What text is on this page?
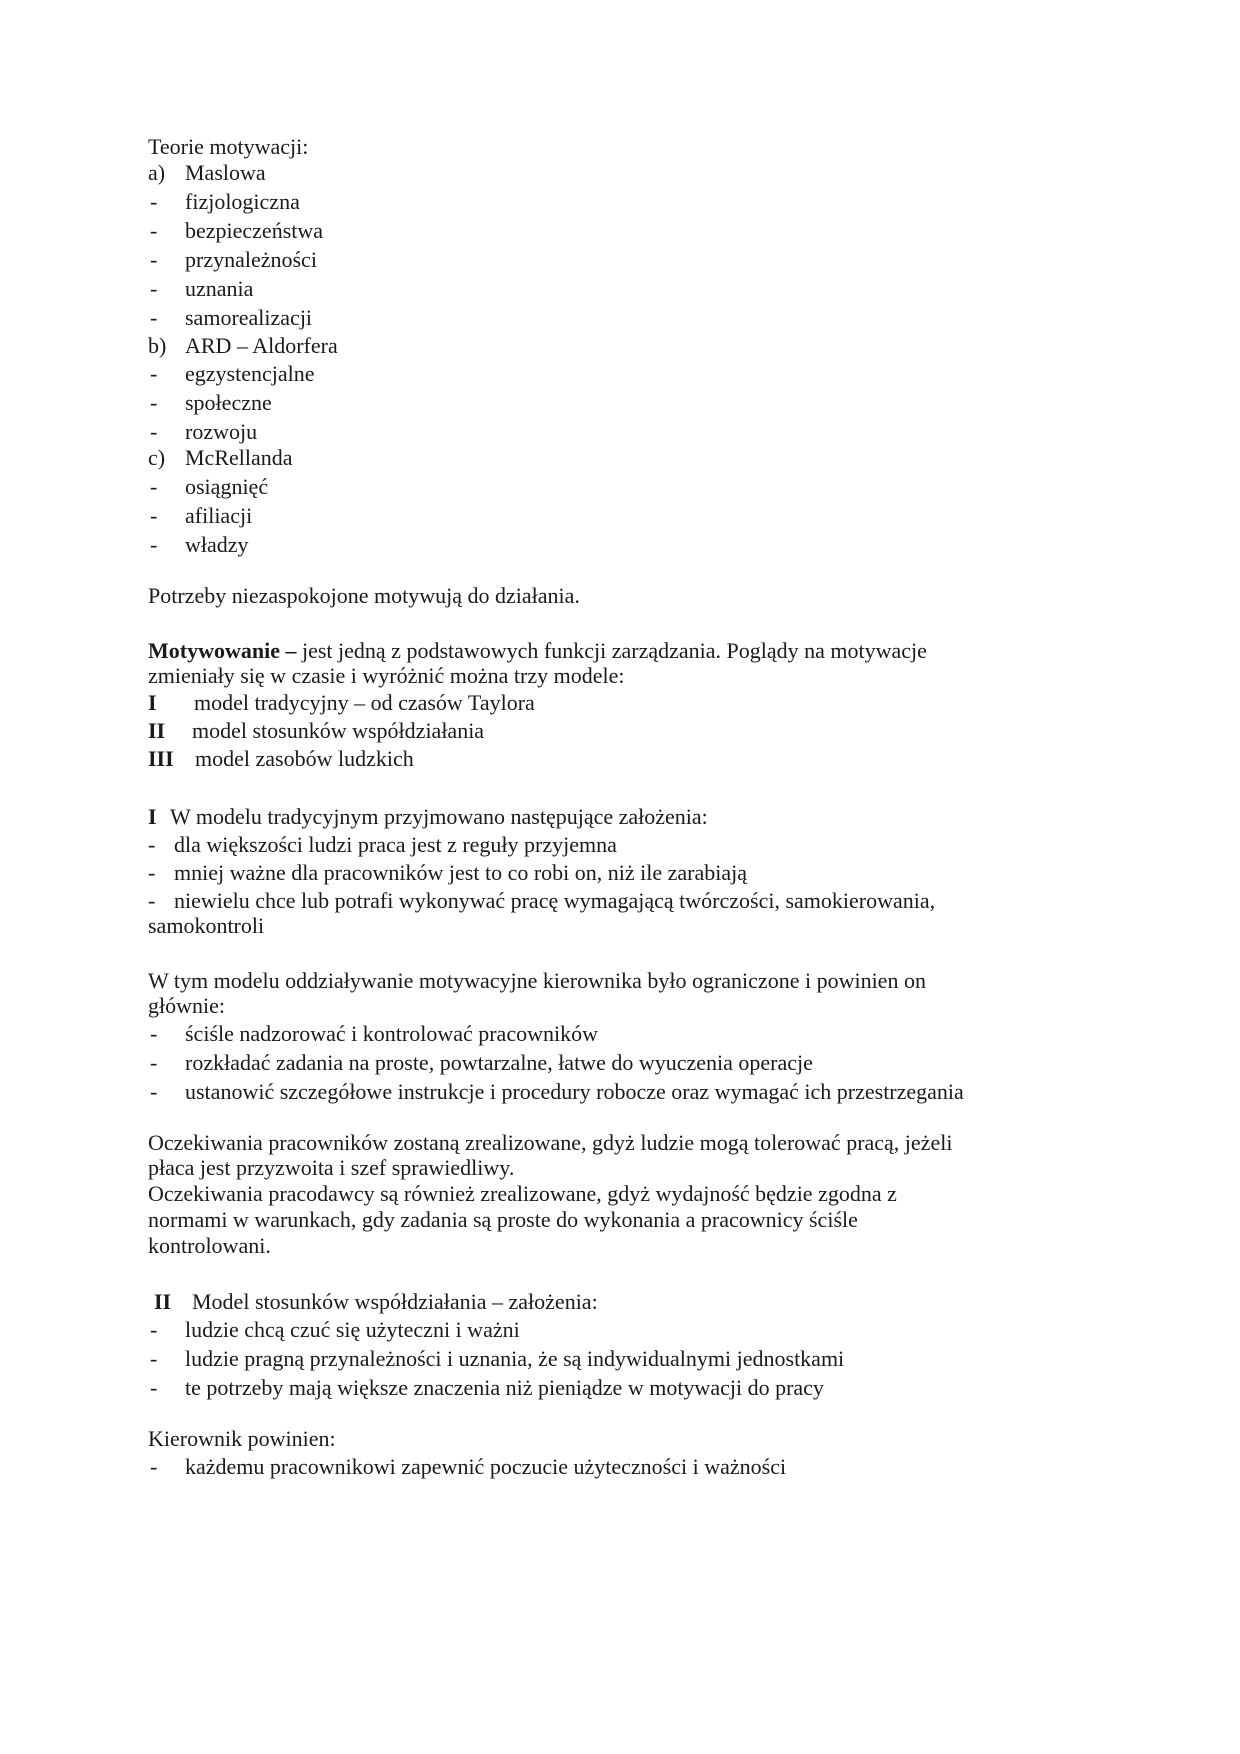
Teorie motywacji:
a) Maslowa
- fizjologiczna
- bezpieczeństwa
- przynależności
- uznania
- samorealizacji
b) ARD – Aldorfera
- egzystencjalne
- społeczne
- rozwoju
c) McRellanda
- osiągnięć
- afiliacji
- władzy
Potrzeby niezaspokojone motywują do działania.
Motywowanie – jest jedną z podstawowych funkcji zarządzania. Poglądy na motywacje
zmieniały się w czasie i wyróżnić można trzy modele:
I model tradycyjny – od czasów Taylora
II model stosunków współdziałania
III model zasobów ludzkich
I W modelu tradycyjnym przyjmowano następujące założenia:
- dla większości ludzi praca jest z reguły przyjemna
- mniej ważne dla pracowników jest to co robi on, niż ile zarabiają
- niewielu chce lub potrafi wykonywać pracę wymagającą twórczości, samokierowania,
samokontroli
W tym modelu oddziaływanie motywacyjne kierownika było ograniczone i powinien on
głównie:
- ściśle nadzorować i kontrolować pracowników
- rozkładać zadania na proste, powtarzalne, łatwe do wyuczenia operacje
- ustanowić szczegółowe instrukcje i procedury robocze oraz wymagać ich przestrzegania
Oczekiwania pracowników zostaną zrealizowane, gdyż ludzie mogą tolerować pracą, jeżeli
płaca jest przyzwoita i szef sprawiedliwy.
Oczekiwania pracodawcy są również zrealizowane, gdyż wydajność będzie zgodna z
normami w warunkach, gdy zadania są proste do wykonania a pracownicy ściśle
kontrolowani.
II Model stosunków współdziałania – założenia:
- ludzie chcą czuć się użyteczni i ważni
- ludzie pragną przynależności i uznania, że są indywidualnymi jednostkami
- te potrzeby mają większe znaczenia niż pieniądze w motywacji do pracy
Kierownik powinien:
- każdemu pracownikowi zapewnić poczucie użyteczności i ważności
